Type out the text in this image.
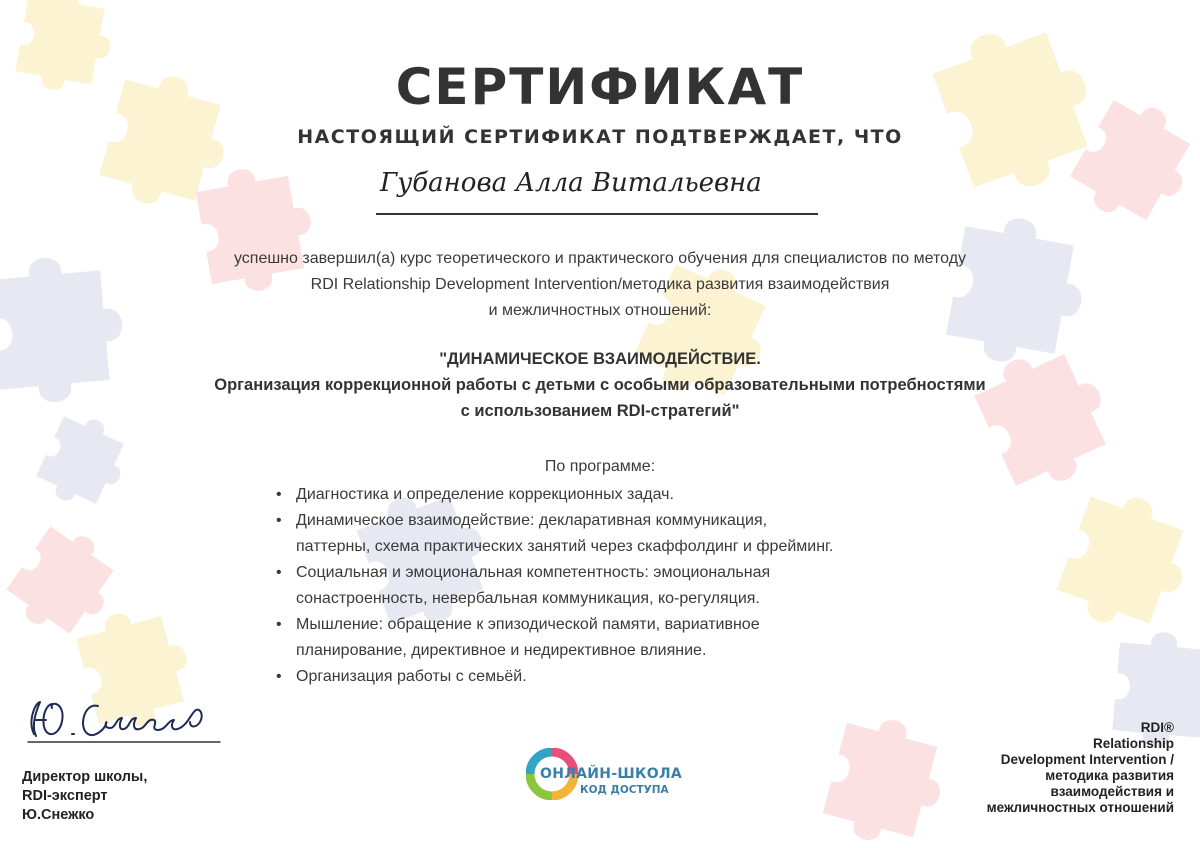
СЕРТИФИКАТ
НАСТОЯЩИЙ СЕРТИФИКАТ ПОДТВЕРЖДАЕТ, ЧТО
Губанова Алла Витальевна
успешно завершил(а) курс теоретического и практического обучения для специалистов по методу
RDI Relationship Development Intervention/методика развития взаимодействия
и межличностных отношений:
"ДИНАМИЧЕСКОЕ ВЗАИМОДЕЙСТВИЕ.
Организация коррекционной работы с детьми с особыми образовательными потребностями
с использованием RDI-стратегий"
По программе:
• Диагностика и определение коррекционных задач.
• Динамическое взаимодействие: декларативная коммуникация,
паттерны, схема практических занятий через скаффолдинг и фрейминг.
• Социальная и эмоциональная компетентность: эмоциональная
сонастроенность, невербальная коммуникация, ко-регуляция.
• Мышление: обращение к эпизодической памяти, вариативное
планирование, директивное и недирективное влияние.
• Организация работы с семьёй.
Директор школы,
RDI-эксперт
Ю.Снежко
ОНЛАЙН-ШКОЛА
КОД ДОСТУПА
RDI®
Relationship
Development Intervention /
методика развития
взаимодействия и
межличностных отношений
